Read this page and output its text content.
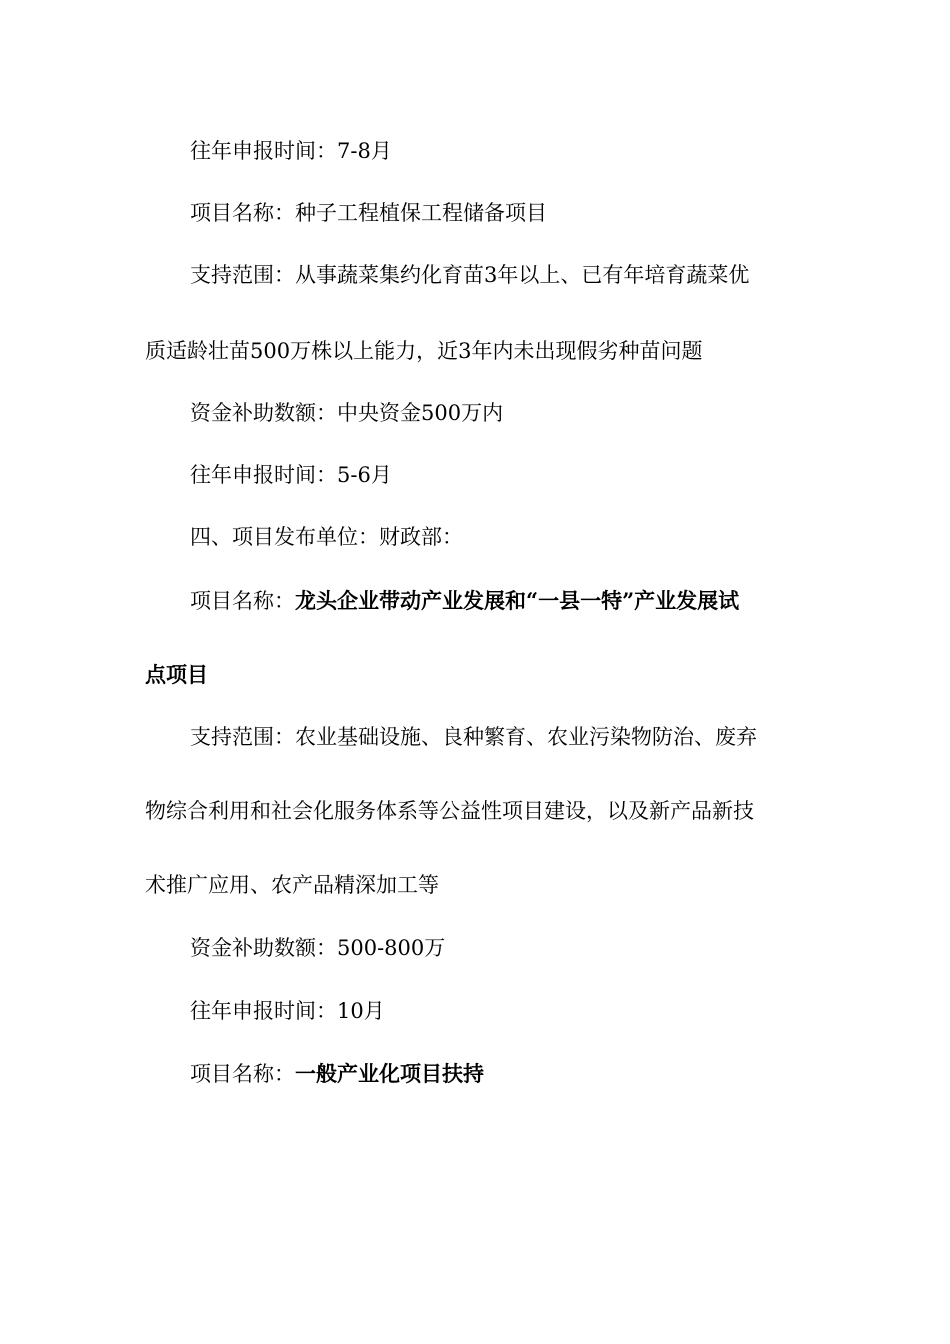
往年申报时间：7-8月
项目名称：种子工程植保工程储备项目
支持范围：从事蔬菜集约化育苗3年以上、已有年培育蔬菜优
质适龄壮苗500万株以上能力，近3年内未出现假劣种苗问题
资金补助数额：中央资金500万内
往年申报时间：5-6月
四、项目发布单位：财政部：
项目名称：龙头企业带动产业发展和“一县一特”产业发展试
点项目
支持范围：农业基础设施、良种繁育、农业污染物防治、废弃
物综合利用和社会化服务体系等公益性项目建设，以及新产品新技
术推广应用、农产品精深加工等
资金补助数额：500-800万
往年申报时间：10月
项目名称：一般产业化项目扶持
